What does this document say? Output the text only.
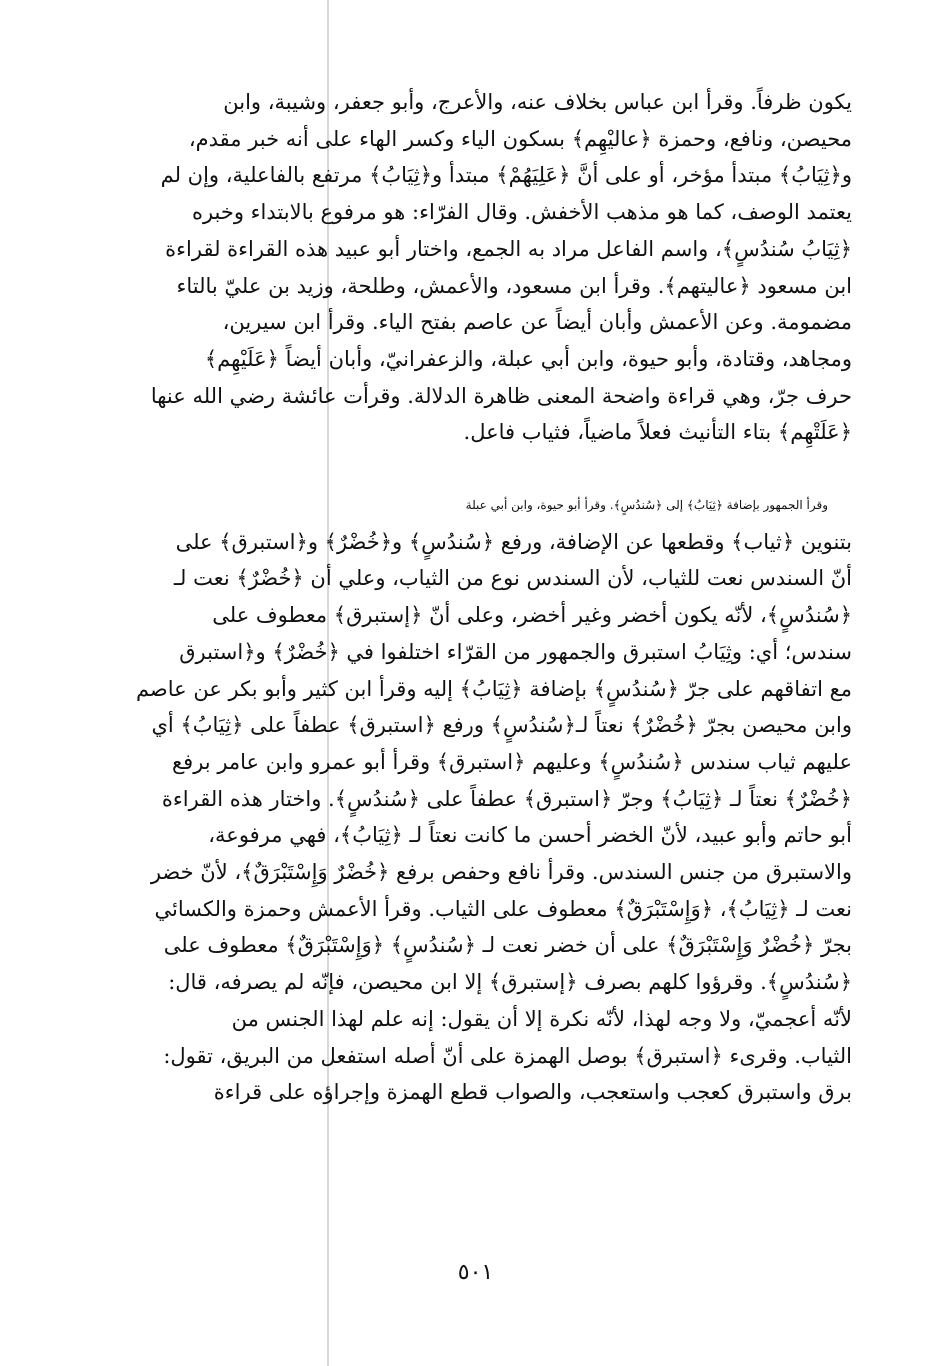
يكون ظرفاً. وقرأ ابن عباس بخلاف عنه، والأعرج، وأبو جعفر، وشيبة، وابن

محيصن، ونافع، وحمزة ﴿عاليْهِم﴾ بسكون الياء وكسر الهاء على أنه خبر مقدم،

و﴿ثِيَابُ﴾ مبتدأ مؤخر، أو على أنَّ ﴿عَلِيَهُمْ﴾ مبتدأ و﴿ثِيَابُ﴾ مرتفع بالفاعلية، وإن لم

يعتمد الوصف، كما هو مذهب الأخفش. وقال الفرّاء: هو مرفوع بالابتداء وخبره

﴿ثِيَابُ سُندُسٍ﴾، واسم الفاعل مراد به الجمع، واختار أبو عبيد هذه القراءة لقراءة

ابن مسعود ﴿عاليتهم﴾. وقرأ ابن مسعود، والأعمش، وطلحة، وزيد بن عليّ بالتاء

مضمومة. وعن الأعمش وأبان أيضاً عن عاصم بفتح الياء. وقرأ ابن سيرين،

ومجاهد، وقتادة، وأبو حيوة، وابن أبي عبلة، والزعفرانيّ، وأبان أيضاً ﴿عَلَيْهِم﴾

حرف جرّ، وهي قراءة واضحة المعنى ظاهرة الدلالة. وقرأت عائشة رضي الله عنها

﴿عَلَتْهِم﴾ بتاء التأنيث فعلاً ماضياً، فثياب فاعل.

وقرأ الجمهور بإضافة ﴿ثِيَابُ﴾ إلى ﴿سُندُسٍ﴾. وقرأ أبو حيوة، وابن أبي عبلة

بتنوين ﴿ثياب﴾ وقطعها عن الإضافة، ورفع ﴿سُندُسٍ﴾ و﴿خُضْرٌ﴾ و﴿استبرق﴾ على

أنّ السندس نعت للثياب، لأن السندس نوع من الثياب، وعلي أن ﴿خُضْرٌ﴾ نعت لـ

﴿سُندُسٍ﴾، لأنّه يكون أخضر وغير أخضر، وعلى أنّ ﴿إستبرق﴾ معطوف على

سندس؛ أي: وثِيَابُ استبرق والجمهور من القرّاء اختلفوا في ﴿خُضْرٌ﴾ و﴿استبرق

مع اتفاقهم على جرّ ﴿سُندُسٍ﴾ بإضافة ﴿ثِيَابُ﴾ إليه وقرأ ابن كثير وأبو بكر عن عاصم

وابن محيصن بجرّ ﴿خُضْرٌ﴾ نعتاً لـ﴿سُندُسٍ﴾ ورفع ﴿استبرق﴾ عطفاً على ﴿ثِيَابُ﴾ أي

عليهم ثياب سندس ﴿سُندُسٍ﴾ وعليهم ﴿استبرق﴾ وقرأ أبو عمرو وابن عامر برفع

﴿خُضْرٌ﴾ نعتاً لـ ﴿ثِيَابُ﴾ وجرّ ﴿استبرق﴾ عطفاً على ﴿سُندُسٍ﴾. واختار هذه القراءة

أبو حاتم وأبو عبيد، لأنّ الخضر أحسن ما كانت نعتاً لـ ﴿ثِيَابُ﴾، فهي مرفوعة،

والاستبرق من جنس السندس. وقرأ نافع وحفص برفع ﴿خُضْرٌ وَإِسْتَبْرَقٌ﴾، لأنّ خضر

نعت لـ ﴿ثِيَابُ﴾، ﴿وَإِسْتَبْرَقٌ﴾ معطوف على الثياب. وقرأ الأعمش وحمزة والكسائي

بجرّ ﴿خُضْرٌ وَإِسْتَبْرَقٌ﴾ على أن خضر نعت لـ ﴿سُندُسٍ﴾ ﴿وَإِسْتَبْرَقٌ﴾ معطوف على

﴿سُندُسٍ﴾. وقرؤوا كلهم بصرف ﴿إستبرق﴾ إلا ابن محيصن، فإنّه لم يصرفه، قال:

لأنّه أعجميّ، ولا وجه لهذا، لأنّه نكرة إلا أن يقول: إنه علم لهذا الجنس من

الثياب. وقرىء ﴿استبرق﴾ بوصل الهمزة على أنّ أصله استفعل من البريق، تقول:

برق واستبرق كعجب واستعجب، والصواب قطع الهمزة وإجراؤه على قراءة

٥٠١
